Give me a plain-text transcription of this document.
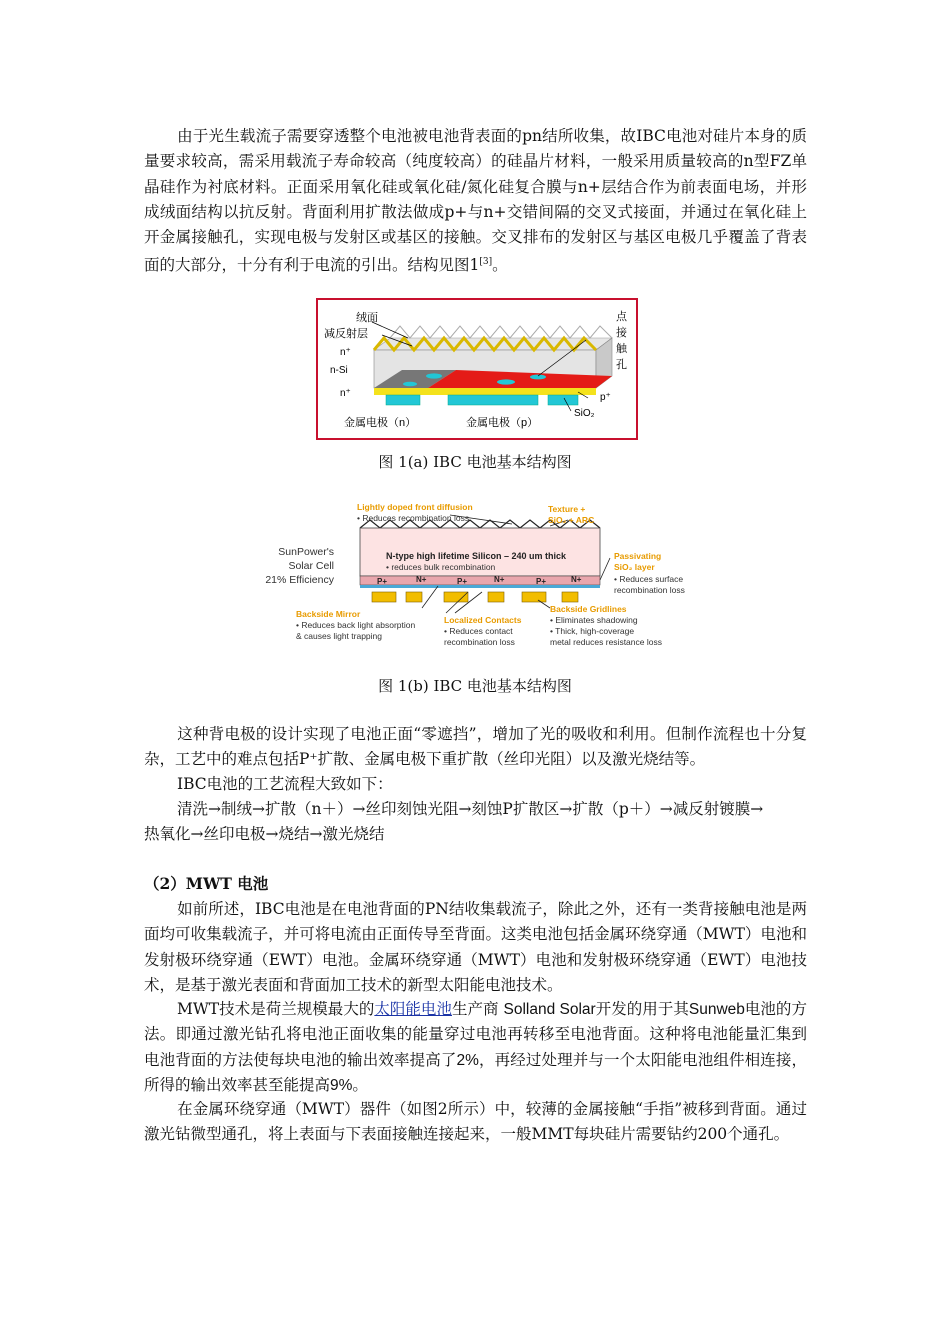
由于光生载流子需要穿透整个电池被电池背表面的pn结所收集，故IBC电池对硅片本身的质量要求较高，需采用载流子寿命较高（纯度较高）的硅晶片材料，一般采用质量较高的n型FZ单晶硅作为衬底材料。正面采用氧化硅或氧化硅/氮化硅复合膜与n+层结合作为前表面电场，并形成绒面结构以抗反射。背面利用扩散法做成p+与n+交错间隔的交叉式接面，并通过在氧化硅上开金属接触孔，实现电极与发射区或基区的接触。交叉排布的发射区与基区电极几乎覆盖了背表面的大部分，十分有利于电流的引出。结构见图1[3]。

绒面
减反射层
n⁺
n-Si
n⁺	p⁺
SiO₂
点
接
触
孔
金属电极（n）	金属电极（p）
图 1(a) IBC 电池基本结构图
SunPower's
Solar Cell
21% Efficiency
Lightly doped front diffusion
• Reduces recombination loss
Texture +
SiO₂ + ARC
N-type high lifetime Silicon – 240 um thick
• reduces bulk recombination
P+	N+	P+	N+	P+	N+
Passivating
SiO₂ layer
• Reduces surface
recombination loss
Backside Mirror
• Reduces back light absorption
& causes light trapping
Localized Contacts
• Reduces contact
recombination loss
Backside Gridlines
• Eliminates shadowing
• Thick, high-coverage
metal reduces resistance loss
图 1(b) IBC 电池基本结构图

这种背电极的设计实现了电池正面“零遮挡”，增加了光的吸收和利用。但制作流程也十分复杂，工艺中的难点包括P⁺扩散、金属电极下重扩散（丝印光阻）以及激光烧结等。

IBC电池的工艺流程大致如下：

清洗→制绒→扩散（n＋）→丝印刻蚀光阻→刻蚀P扩散区→扩散（p＋）→减反射镀膜→

热氧化→丝印电极→烧结→激光烧结

（2）MWT 电池

如前所述，IBC电池是在电池背面的PN结收集载流子，除此之外，还有一类背接触电池是两面均可收集载流子，并可将电流由正面传导至背面。这类电池包括金属环绕穿通（MWT）电池和发射极环绕穿通（EWT）电池。金属环绕穿通（MWT）电池和发射极环绕穿通（EWT）电池技术，是基于激光表面和背面加工技术的新型太阳能电池技术。

MWT技术是荷兰规模最大的太阳能电池生产商 Solland Solar开发的用于其Sunweb电池的方法。即通过激光钻孔将电池正面收集的能量穿过电池再转移至电池背面。这种将电池能量汇集到电池背面的方法使每块电池的输出效率提高了2%，再经过处理并与一个太阳能电池组件相连接，所得的输出效率甚至能提高9%。

在金属环绕穿通（MWT）器件（如图2所示）中，较薄的金属接触“手指”被移到背面。通过激光钻微型通孔，将上表面与下表面接触连接起来，一般MMT每块硅片需要钻约200个通孔。
